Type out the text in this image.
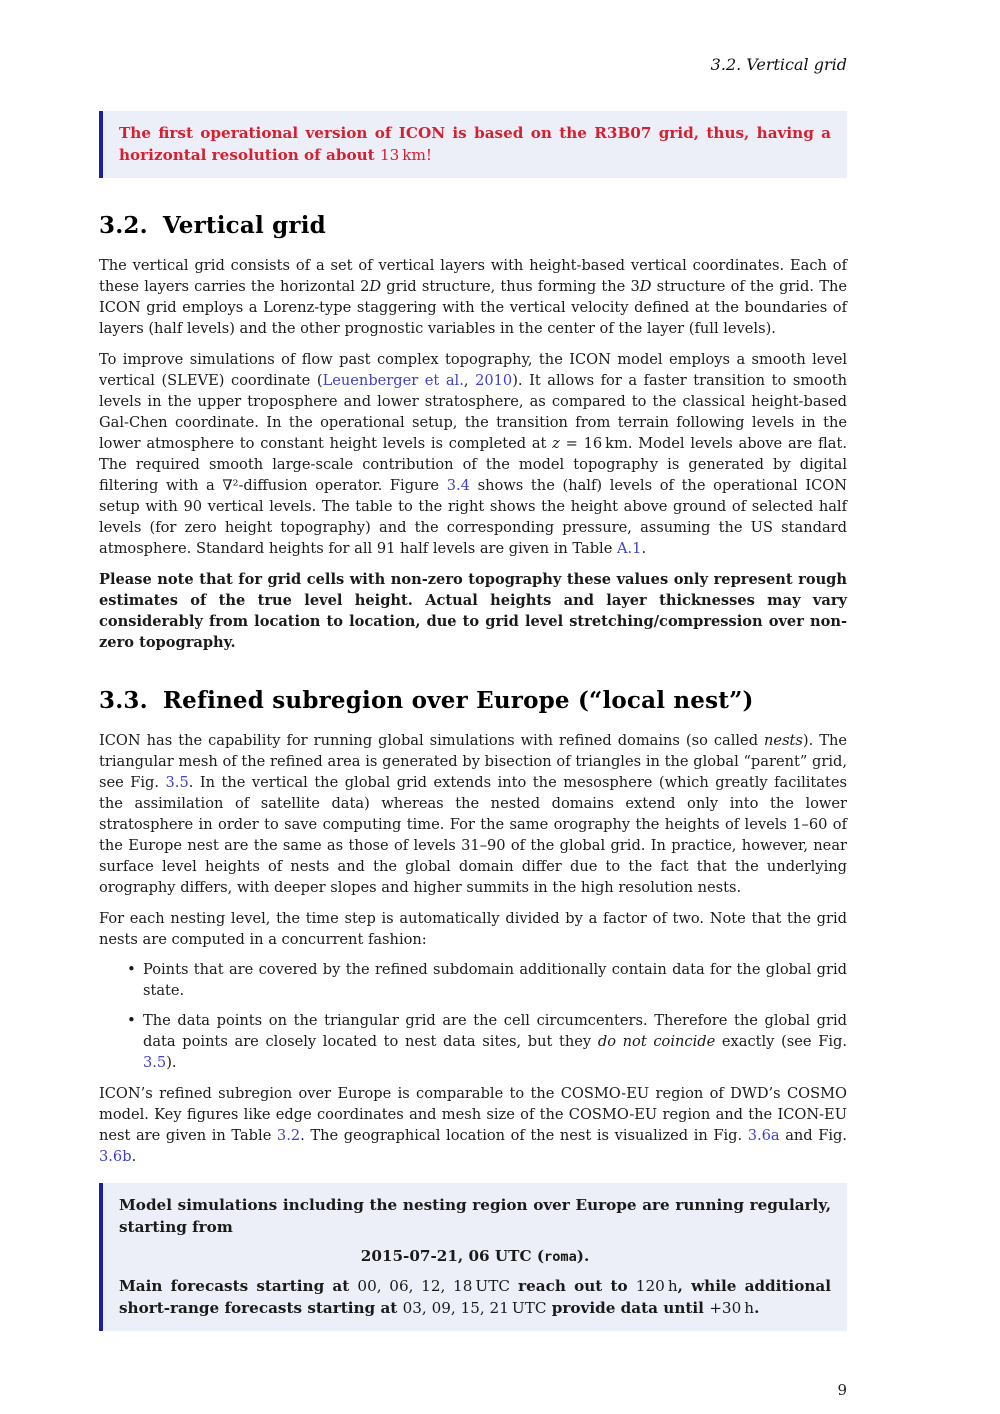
3.2. Vertical grid
The first operational version of ICON is based on the R3B07 grid, thus, having a horizontal resolution of about 13 km!
3.2. Vertical grid

The vertical grid consists of a set of vertical layers with height-based vertical coordinates. Each of these layers carries the horizontal 2D grid structure, thus forming the 3D structure of the grid. The ICON grid employs a Lorenz-type staggering with the vertical velocity defined at the boundaries of layers (half levels) and the other prognostic variables in the center of the layer (full levels).

To improve simulations of flow past complex topography, the ICON model employs a smooth level vertical (SLEVE) coordinate (Leuenberger et al., 2010). It allows for a faster transition to smooth levels in the upper troposphere and lower stratosphere, as compared to the classical height-based Gal-Chen coordinate. In the operational setup, the transition from terrain following levels in the lower atmosphere to constant height levels is completed at z = 16 km. Model levels above are flat. The required smooth large-scale contribution of the model topography is generated by digital filtering with a ∇²-diffusion operator. Figure 3.4 shows the (half) levels of the operational ICON setup with 90 vertical levels. The table to the right shows the height above ground of selected half levels (for zero height topography) and the corresponding pressure, assuming the US standard atmosphere. Standard heights for all 91 half levels are given in Table A.1.

Please note that for grid cells with non-zero topography these values only represent rough estimates of the true level height. Actual heights and layer thicknesses may vary considerably from location to location, due to grid level stretching/compression over non-zero topography.

3.3. Refined subregion over Europe (“local nest”)

ICON has the capability for running global simulations with refined domains (so called nests). The triangular mesh of the refined area is generated by bisection of triangles in the global “parent” grid, see Fig. 3.5. In the vertical the global grid extends into the mesosphere (which greatly facilitates the assimilation of satellite data) whereas the nested domains extend only into the lower stratosphere in order to save computing time. For the same orography the heights of levels 1–60 of the Europe nest are the same as those of levels 31–90 of the global grid. In practice, however, near surface level heights of nests and the global domain differ due to the fact that the underlying orography differs, with deeper slopes and higher summits in the high resolution nests.

For each nesting level, the time step is automatically divided by a factor of two. Note that the grid nests are computed in a concurrent fashion:

• Points that are covered by the refined subdomain additionally contain data for the global grid state.
• The data points on the triangular grid are the cell circumcenters. Therefore the global grid data points are closely located to nest data sites, but they do not coincide exactly (see Fig. 3.5).

ICON’s refined subregion over Europe is comparable to the COSMO-EU region of DWD’s COSMO model. Key figures like edge coordinates and mesh size of the COSMO-EU region and the ICON-EU nest are given in Table 3.2. The geographical location of the nest is visualized in Fig. 3.6a and Fig. 3.6b.

Model simulations including the nesting region over Europe are running regularly, starting from

2015-07-21, 06 UTC (roma).

Main forecasts starting at 00, 06, 12, 18 UTC reach out to 120 h, while additional short-range forecasts starting at 03, 09, 15, 21 UTC provide data until +30 h.

9
